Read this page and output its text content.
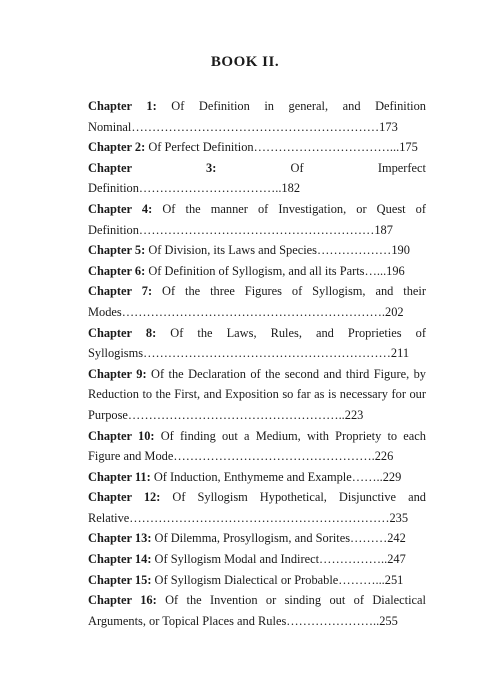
BOOK II.
Chapter 1: Of Definition in general, and Definition Nominal……………………………………………………173
Chapter 2: Of Perfect Definition……………………………...175
Chapter 3: Of Imperfect Definition……………………………..182
Chapter 4: Of the manner of Investigation, or Quest of Definition…………………………………………………187
Chapter 5: Of Division, its Laws and Species………………190
Chapter 6: Of Definition of Syllogism, and all its Parts…...196
Chapter 7: Of the three Figures of Syllogism, and their Modes……………………………………………………….202
Chapter 8: Of the Laws, Rules, and Proprieties of Syllogisms……………………………………………………211
Chapter 9: Of the Declaration of the second and third Figure, by Reduction to the First, and Exposition so far as is necessary for our Purpose……………………………………………..223
Chapter 10: Of finding out a Medium, with Propriety to each Figure and Mode………………………………………….226
Chapter 11: Of Induction, Enthymeme and Example……..229
Chapter 12: Of Syllogism Hypothetical, Disjunctive and Relative………………………………………………………235
Chapter 13: Of Dilemma, Prosyllogism, and Sorites………242
Chapter 14: Of Syllogism Modal and Indirect……………..247
Chapter 15: Of Syllogism Dialectical or Probable………...251
Chapter 16: Of the Invention or sinding out of Dialectical Arguments, or Topical Places and Rules…………………..255
